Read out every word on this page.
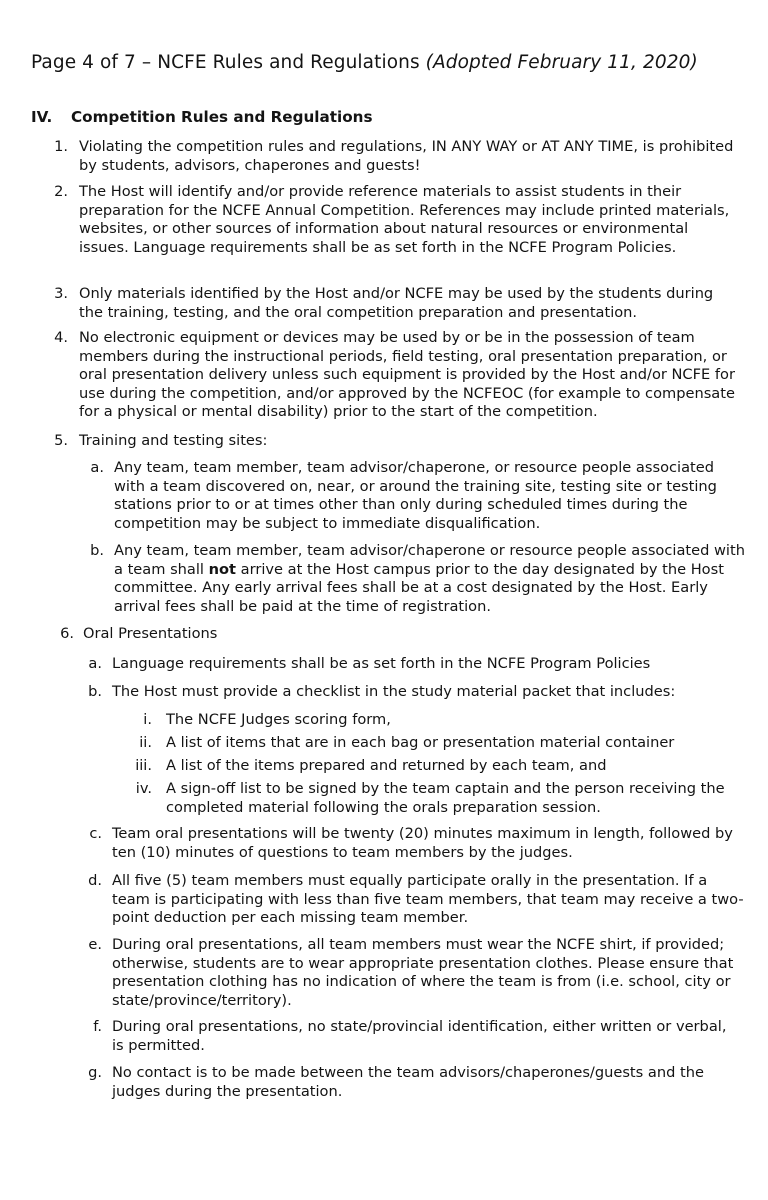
Page 4 of 7 – NCFE Rules and Regulations (Adopted February 11, 2020)
IV. Competition Rules and Regulations
1. Violating the competition rules and regulations, IN ANY WAY or AT ANY TIME, is prohibited by students, advisors, chaperones and guests!
2. The Host will identify and/or provide reference materials to assist students in their preparation for the NCFE Annual Competition. References may include printed materials, websites, or other sources of information about natural resources or environmental issues. Language requirements shall be as set forth in the NCFE Program Policies.
3. Only materials identified by the Host and/or NCFE may be used by the students during the training, testing, and the oral competition preparation and presentation.
4. No electronic equipment or devices may be used by or be in the possession of team members during the instructional periods, field testing, oral presentation preparation, or oral presentation delivery unless such equipment is provided by the Host and/or NCFE for use during the competition, and/or approved by the NCFEOC (for example to compensate for a physical or mental disability) prior to the start of the competition.
5. Training and testing sites:
a. Any team, team member, team advisor/chaperone, or resource people associated with a team discovered on, near, or around the training site, testing site or testing stations prior to or at times other than only during scheduled times during the competition may be subject to immediate disqualification.
b. Any team, team member, team advisor/chaperone or resource people associated with a team shall not arrive at the Host campus prior to the day designated by the Host committee. Any early arrival fees shall be at a cost designated by the Host. Early arrival fees shall be paid at the time of registration.
6. Oral Presentations
a. Language requirements shall be as set forth in the NCFE Program Policies
b. The Host must provide a checklist in the study material packet that includes:
i. The NCFE Judges scoring form,
ii. A list of items that are in each bag or presentation material container
iii. A list of the items prepared and returned by each team, and
iv. A sign-off list to be signed by the team captain and the person receiving the completed material following the orals preparation session.
c. Team oral presentations will be twenty (20) minutes maximum in length, followed by ten (10) minutes of questions to team members by the judges.
d. All five (5) team members must equally participate orally in the presentation. If a team is participating with less than five team members, that team may receive a two-point deduction per each missing team member.
e. During oral presentations, all team members must wear the NCFE shirt, if provided; otherwise, students are to wear appropriate presentation clothes. Please ensure that presentation clothing has no indication of where the team is from (i.e. school, city or state/province/territory).
f. During oral presentations, no state/provincial identification, either written or verbal, is permitted.
g. No contact is to be made between the team advisors/chaperones/guests and the judges during the presentation.
